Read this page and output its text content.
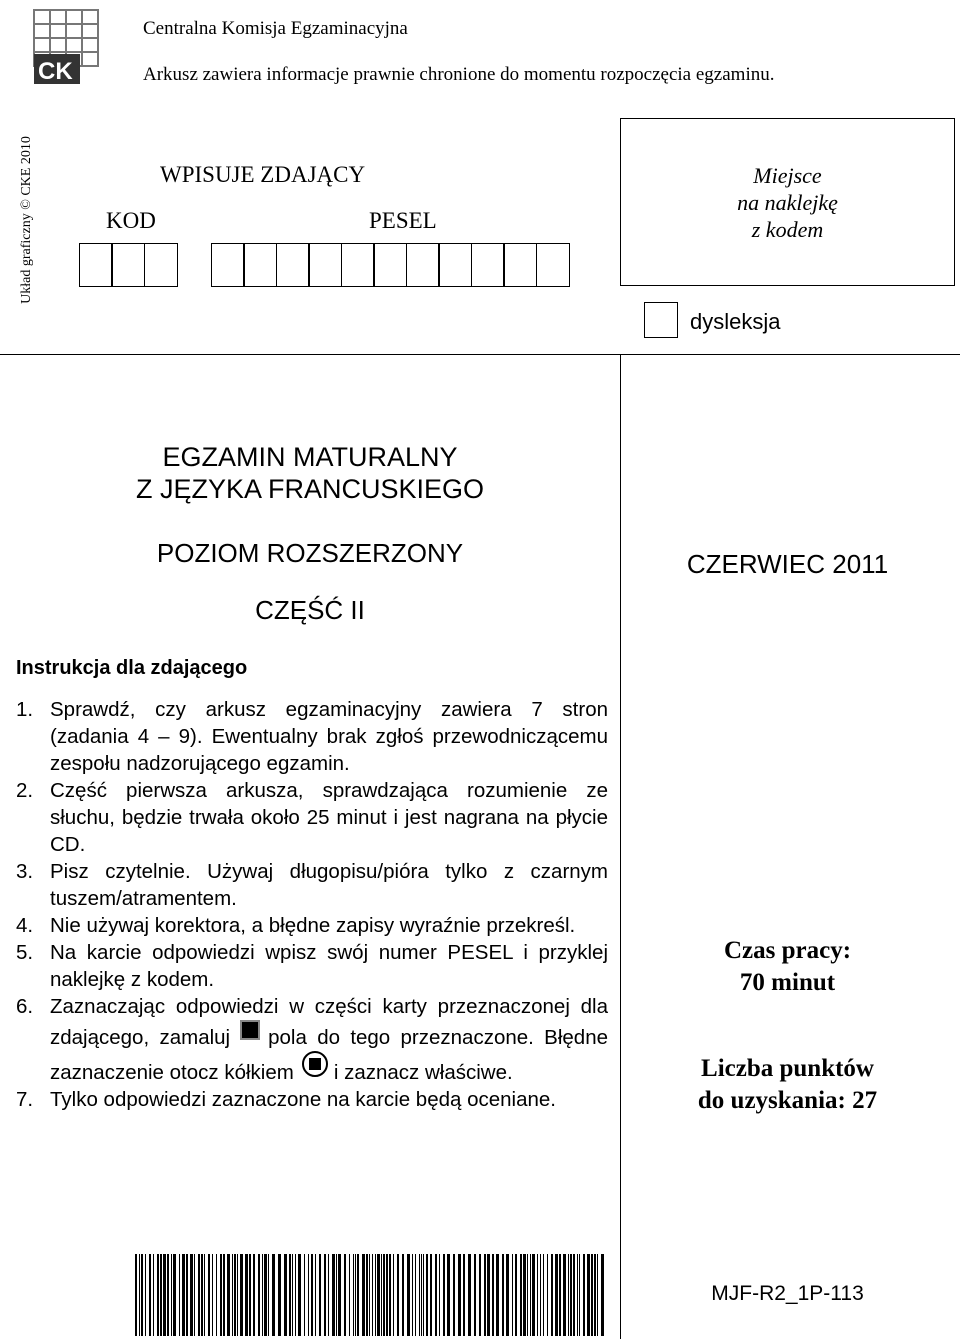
CK
Centralna Komisja Egzaminacyjna
Arkusz zawiera informacje prawnie chronione do momentu rozpoczęcia egzaminu.
Układ graficzny © CKE 2010	WPISUJE ZDAJĄCY
KOD	PESEL
Miejsce
na naklejkę
z kodem
dysleksja
EGZAMIN MATURALNY
Z JĘZYKA FRANCUSKIEGO
POZIOM ROZSZERZONY
CZĘŚĆ II
CZERWIEC 2011
Instrukcja dla zdającego
1. Sprawdź, czy arkusz egzaminacyjny zawiera 7 stron (zadania 4 – 9). Ewentualny brak zgłoś przewodniczącemu zespołu nadzorującego egzamin.
2. Część pierwsza arkusza, sprawdzająca rozumienie ze słuchu, będzie trwała około 25 minut i jest nagrana na płycie CD.
3. Pisz czytelnie. Używaj długopisu/pióra tylko z czarnym tuszem/atramentem.
4. Nie używaj korektora, a błędne zapisy wyraźnie przekreśl.
5. Na karcie odpowiedzi wpisz swój numer PESEL i przyklej naklejkę z kodem.
6. Zaznaczając odpowiedzi w części karty przeznaczonej dla zdającego, zamaluj pola do tego przeznaczone. Błędne zaznaczenie otocz kółkiem i zaznacz właściwe.
7. Tylko odpowiedzi zaznaczone na karcie będą oceniane.
Czas pracy:
70 minut
Liczba punktów
do uzyskania: 27
MJF-R2_1P-113
